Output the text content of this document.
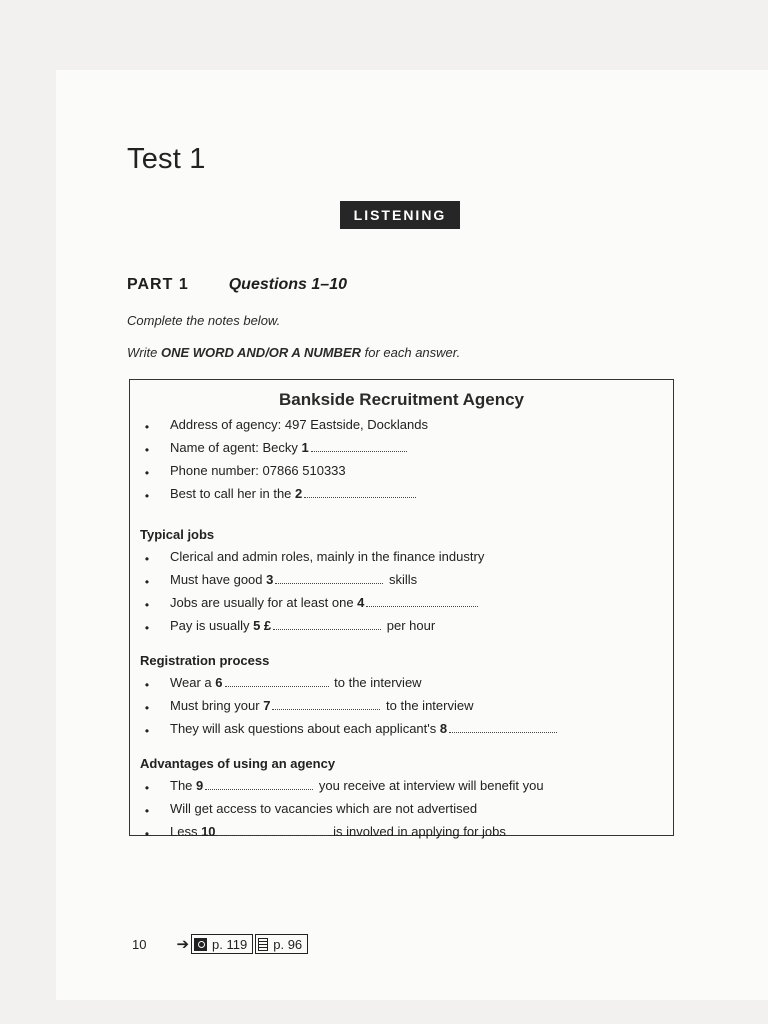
Test 1
LISTENING
PART 1	Questions 1–10
Complete the notes below.
Write ONE WORD AND/OR A NUMBER for each answer.
Bankside Recruitment Agency
•	Address of agency: 497 Eastside, Docklands
•	Name of agent: Becky 1
•	Phone number: 07866 510333
•	Best to call her in the 2
Typical jobs
•	Clerical and admin roles, mainly in the finance industry
•	Must have good 3	skills
•	Jobs are usually for at least one 4
•	Pay is usually 5 £	per hour
Registration process
•	Wear a 6	to the interview
•	Must bring your 7	to the interview
•	They will ask questions about each applicant's 8
Advantages of using an agency
•	The 9	you receive at interview will benefit you
•	Will get access to vacancies which are not advertised
•	Less 10	is involved in applying for jobs
10 ➔ p. 119 p. 96
